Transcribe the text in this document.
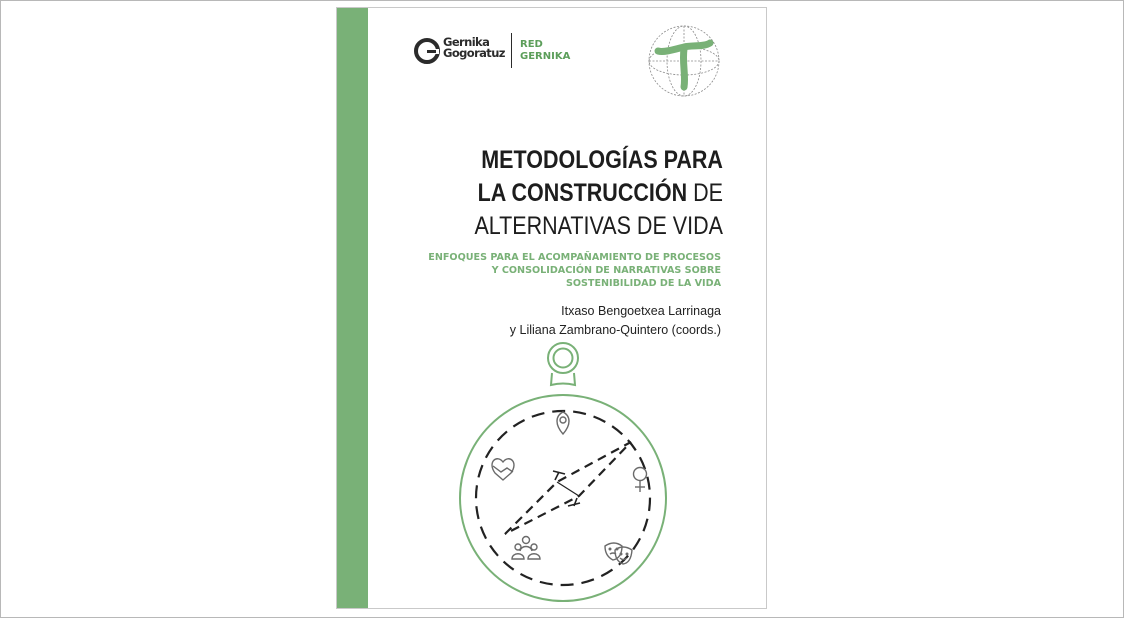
Gernika
Gogoratuz
RED
GERNIKA
METODOLOGÍAS PARA
LA CONSTRUCCIÓN DE
ALTERNATIVAS DE VIDA
ENFOQUES PARA EL ACOMPAÑAMIENTO DE PROCESOS
Y CONSOLIDACIÓN DE NARRATIVAS SOBRE
SOSTENIBILIDAD DE LA VIDA
Itxaso Bengoetxea Larrinaga
y Liliana Zambrano-Quintero (coords.)
